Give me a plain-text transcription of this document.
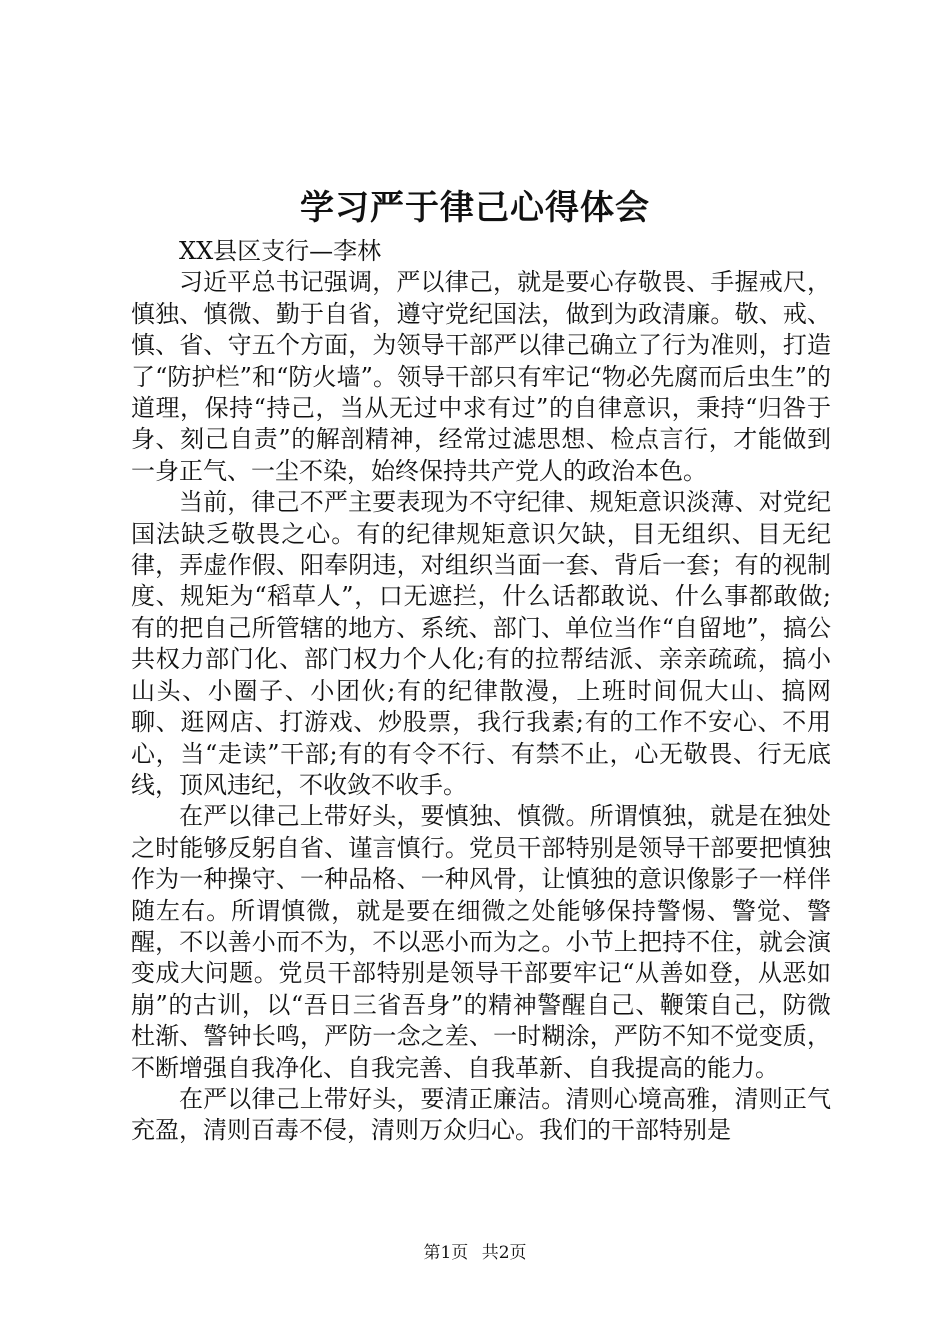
学习严于律己心得体会

XX县区支行—李林

习近平总书记强调，严以律己，就是要心存敬畏、手握戒尺，慎独、慎微、勤于自省，遵守党纪国法，做到为政清廉。敬、戒、慎、省、守五个方面，为领导干部严以律己确立了行为准则，打造了“防护栏”和“防火墙”。领导干部只有牢记“物必先腐而后虫生”的道理，保持“持己，当从无过中求有过”的自律意识，秉持“归咎于身、刻己自责”的解剖精神，经常过滤思想、检点言行，才能做到一身正气、一尘不染，始终保持共产党人的政治本色。

当前，律己不严主要表现为不守纪律、规矩意识淡薄、对党纪国法缺乏敬畏之心。有的纪律规矩意识欠缺，目无组织、目无纪律，弄虚作假、阳奉阴违，对组织当面一套、背后一套；有的视制度、规矩为“稻草人”，口无遮拦，什么话都敢说、什么事都敢做;有的把自己所管辖的地方、系统、部门、单位当作“自留地”，搞公共权力部门化、部门权力个人化;有的拉帮结派、亲亲疏疏，搞小山头、小圈子、小团伙;有的纪律散漫，上班时间侃大山、搞网聊、逛网店、打游戏、炒股票，我行我素;有的工作不安心、不用心，当“走读”干部;有的有令不行、有禁不止，心无敬畏、行无底线，顶风违纪，不收敛不收手。

在严以律己上带好头，要慎独、慎微。所谓慎独，就是在独处之时能够反躬自省、谨言慎行。党员干部特别是领导干部要把慎独作为一种操守、一种品格、一种风骨，让慎独的意识像影子一样伴随左右。所谓慎微，就是要在细微之处能够保持警惕、警觉、警醒，不以善小而不为，不以恶小而为之。小节上把持不住，就会演变成大问题。党员干部特别是领导干部要牢记“从善如登，从恶如崩”的古训，以“吾日三省吾身”的精神警醒自己、鞭策自己，防微杜渐、警钟长鸣，严防一念之差、一时糊涂，严防不知不觉变质，不断增强自我净化、自我完善、自我革新、自我提高的能力。

在严以律己上带好头，要清正廉洁。清则心境高雅，清则正气充盈，清则百毒不侵，清则万众归心。我们的干部特别是

第1页 共2页
